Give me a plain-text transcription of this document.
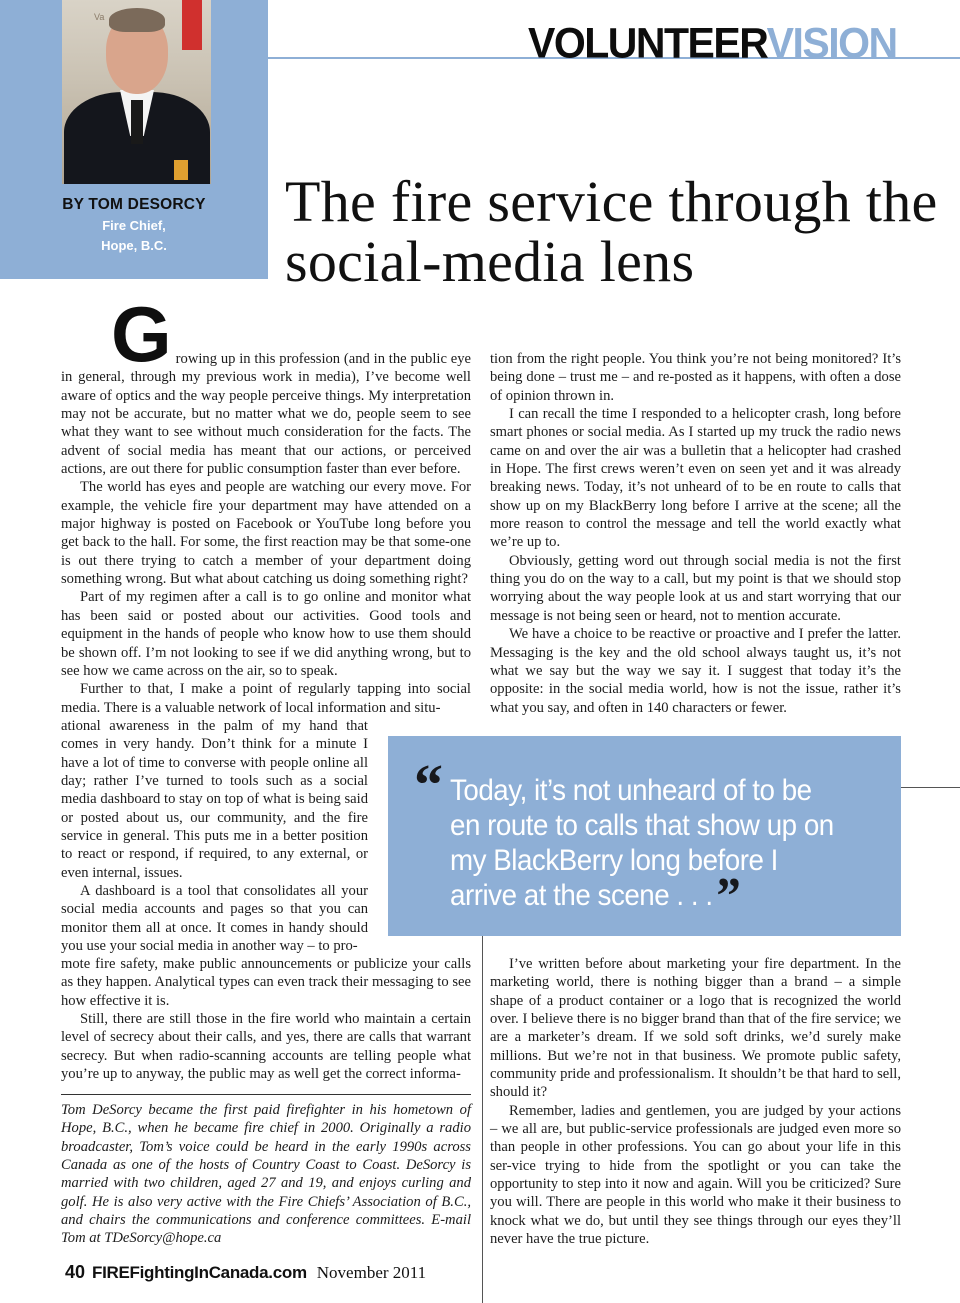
Va
BY TOM DESORCY
Fire Chief,
Hope, B.C.
VOLUNTEERVISION
The fire service through the social-media lens

Growing up in this profession (and in the public eye in general, through my previous work in media), I’ve become well aware of optics and the way people perceive things. My interpretation may not be accurate, but no matter what we do, people seem to see what they want to see without much consideration for the facts. The advent of social media has meant that our actions, or perceived actions, are out there for public consumption faster than ever before.

The world has eyes and people are watching our every move. For example, the vehicle fire your department may have attended on a major highway is posted on Facebook or YouTube long before you get back to the hall. For some, the first reaction may be that some-one is out there trying to catch a member of your department doing something wrong. But what about catching us doing something right?

Part of my regimen after a call is to go online and monitor what has been said or posted about our activities. Good tools and equipment in the hands of people who know how to use them should be shown off. I’m not looking to see if we did anything wrong, but to see how we came across on the air, so to speak.

Further to that, I make a point of regularly tapping into social media. There is a valuable network of local information and situ-

ational awareness in the palm of my hand that comes in very handy. Don’t think for a minute I have a lot of time to converse with people online all day; rather I’ve turned to tools such as a social media dashboard to stay on top of what is being said or posted about us, our community, and the fire service in general. This puts me in a better position to react or respond, if required, to any external, or even internal, issues.

A dashboard is a tool that consolidates all your social media accounts and pages so that you can monitor them all at once. It comes in handy should you use your social media in another way – to pro-

mote fire safety, make public announcements or publicize your calls as they happen. Analytical types can even track their messaging to see how effective it is.

Still, there are still those in the fire world who maintain a certain level of secrecy about their calls, and yes, there are calls that warrant secrecy. But when radio-scanning accounts are telling people what you’re up to anyway, the public may as well get the correct informa-

tion from the right people. You think you’re not being monitored? It’s being done – trust me – and re-posted as it happens, with often a dose of opinion thrown in.

I can recall the time I responded to a helicopter crash, long before smart phones or social media. As I started up my truck the radio news came on and over the air was a bulletin that a helicopter had crashed in Hope. The first crews weren’t even on seen yet and it was already breaking news. Today, it’s not unheard of to be en route to calls that show up on my BlackBerry long before I arrive at the scene; all the more reason to control the message and tell the world exactly what we’re up to.

Obviously, getting word out through social media is not the first thing you do on the way to a call, but my point is that we should stop worrying about the way people look at us and start worrying that our message is not being seen or heard, not to mention accurate.

We have a choice to be reactive or proactive and I prefer the latter. Messaging is the key and the old school always taught us, it’s not what we say but the way we say it. I suggest that today it’s the opposite: in the social media world, how is not the issue, rather it’s what you say, and often in 140 characters or fewer.

“ Today, it’s not unheard of to be en route to calls that show up on my BlackBerry long before I arrive at the scene . . .”

I’ve written before about marketing your fire department. In the marketing world, there is nothing bigger than a brand – a simple shape of a product container or a logo that is recognized the world over. I believe there is no bigger brand than that of the fire service; we are a marketer’s dream. If we sold soft drinks, we’d surely make millions. But we’re not in that business. We promote public safety, community pride and professionalism. It shouldn’t be that hard to sell, should it?

Remember, ladies and gentlemen, you are judged by your actions – we all are, but public-service professionals are judged even more so than people in other professions. You can go about your life in this ser-vice trying to hide from the spotlight or you can take the opportunity to step into it now and again. Will you be criticized? Sure you will. There are people in this world who make it their business to knock what we do, but until they see things through our eyes they’ll never have the true picture.

Tom DeSorcy became the first paid firefighter in his hometown of Hope, B.C., when he became fire chief in 2000. Originally a radio broadcaster, Tom’s voice could be heard in the early 1990s across Canada as one of the hosts of Country Coast to Coast. DeSorcy is married with two children, aged 27 and 19, and enjoys curling and golf. He is also very active with the Fire Chiefs’ Association of B.C., and chairs the communications and conference committees. E-mail Tom at TDeSorcy@hope.ca

40 FIREFightingInCanada.com November 2011
